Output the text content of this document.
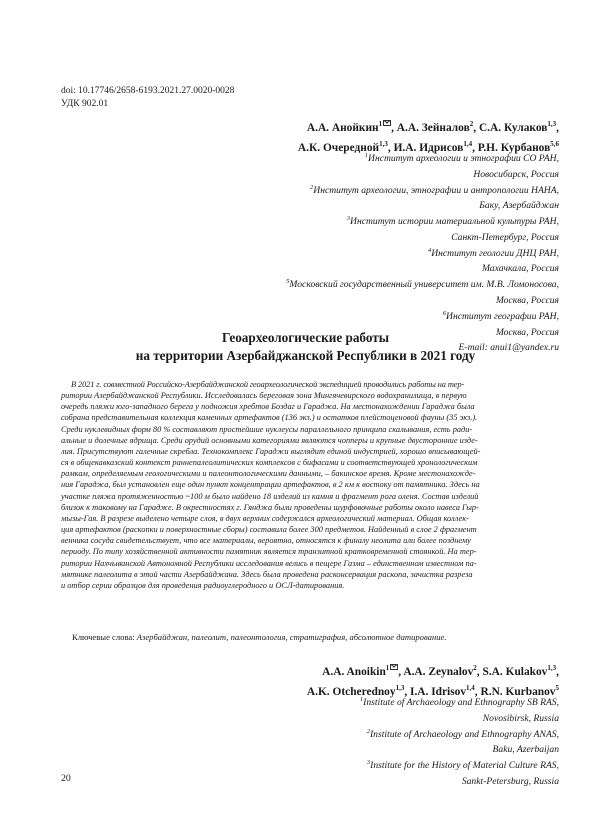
doi: 10.17746/2658-6193.2021.27.0020-0028
УДК 902.01
А.А. Анойкин$^1$ , А.А. Зейналов$^2$, С.А. Кулаков$^{1,3}$,
А.К. Очередной$^{1,3}$, И.А. Идрисов$^{1,4}$, Р.Н. Курбанов$^{5,6}$
$^1$Институт археологии и этнографии СО РАН,
Новосибирск, Россия
$^2$Институт археологии, этнографии и антропологии НАНА,
Баку, Азербайджан
$^3$Институт истории материальной культуры РАН,
Санкт-Петербург, Россия
$^4$Институт геологии ДНЦ РАН,
Махачкала, Россия
$^5$Московский государственный университет им. М.В. Ломоносова,
Москва, Россия
$^6$Институт географии РАН,
Москва, Россия
E-mail: anui1@yandex.ru
Геоархеологические работы
на территории Азербайджанской Республики в 2021 году
В 2021 г. совместной Российско-Азербайджанской геоархеологической экспедицией проводились работы на тер-
ритории Азербайджанской Республики. Исследовалась береговая зона Мингячевирского водохранилища, в первую
очередь пляжи юго-западного берега у подножия хребтов Боздаг и Гараджа. На местонахождении Гараджа была
собрана представительная коллекция каменных артефактов (136 экз.) и остатков плейстоценовой фауны (35 экз.).
Среди нуклевидных форм 80 % составляют простейшие нуклеусы параллельного принципа скалывания, есть ради-
альные и долечные ядрища. Среди орудий основными категориями являются чопперы и крупные двусторонние изде-
лия. Присутствуют галечные скребла. Технокомплекс Гараджи выглядит единой индустрией, хорошо вписывающей-
ся в общекавказский контекст раннепалеолитических комплексов с бифасами и соответствующей хронологическим
рамкам, определяемым геологическими и палеонтологическими данными, – бакинское время. Кроме местонахожде-
ния Гараджа, был установлен еще один пункт концентрации артефактов, в 2 км к востоку от памятника. Здесь на
участке пляжа протяженностью ~100 м было найдено 18 изделий из камня и фрагмент рога оленя. Состав изделий
близок к таковому на Гарадже. В окрестностях г. Гянджа были проведены шурфовочные работы около навеса Гыр-
мызы-Гая. В разрезе выделено четыре слоя, в двух верхних содержался археологический материал. Общая коллек-
ция артефактов (раскопки и поверхностные сборы) составила более 300 предметов. Найденный в слое 2 фрагмент
венчика сосуда свидетельствует, что все материалы, вероятно, относятся к финалу неолита или более позднему
периоду. По типу хозяйственной активности памятник является транзитной кратковременной стоянкой. На тер-
ритории Нахчыванской Автономной Республики исследования велись в пещере Газма – единственном известном па-
мятнике палеолита в этой части Азербайджана. Здесь была проведена расконсервация раскопа, зачистка разреза
и отбор серии образцов для проведения радиоуглеродного и ОСЛ-датирования.
Ключевые слова: Азербайджан, палеолит, палеонтология, стратиграфия, абсолютное датирование.
A.A. Anoikin$^1$ , A.A. Zeynalov$^2$, S.A. Kulakov$^{1,3}$,
A.K. Otcherednoy$^{1,3}$, I.A. Idrisov$^{1,4}$, R.N. Kurbanov$^5$
$^1$Institute of Archaeology and Ethnography SB RAS,
Novosibirsk, Russia
$^2$Institute of Archaeology and Ethnography ANAS,
Baku, Azerbaijan
$^3$Institute for the History of Material Culture RAS,
Sankt-Petersburg, Russia
20
